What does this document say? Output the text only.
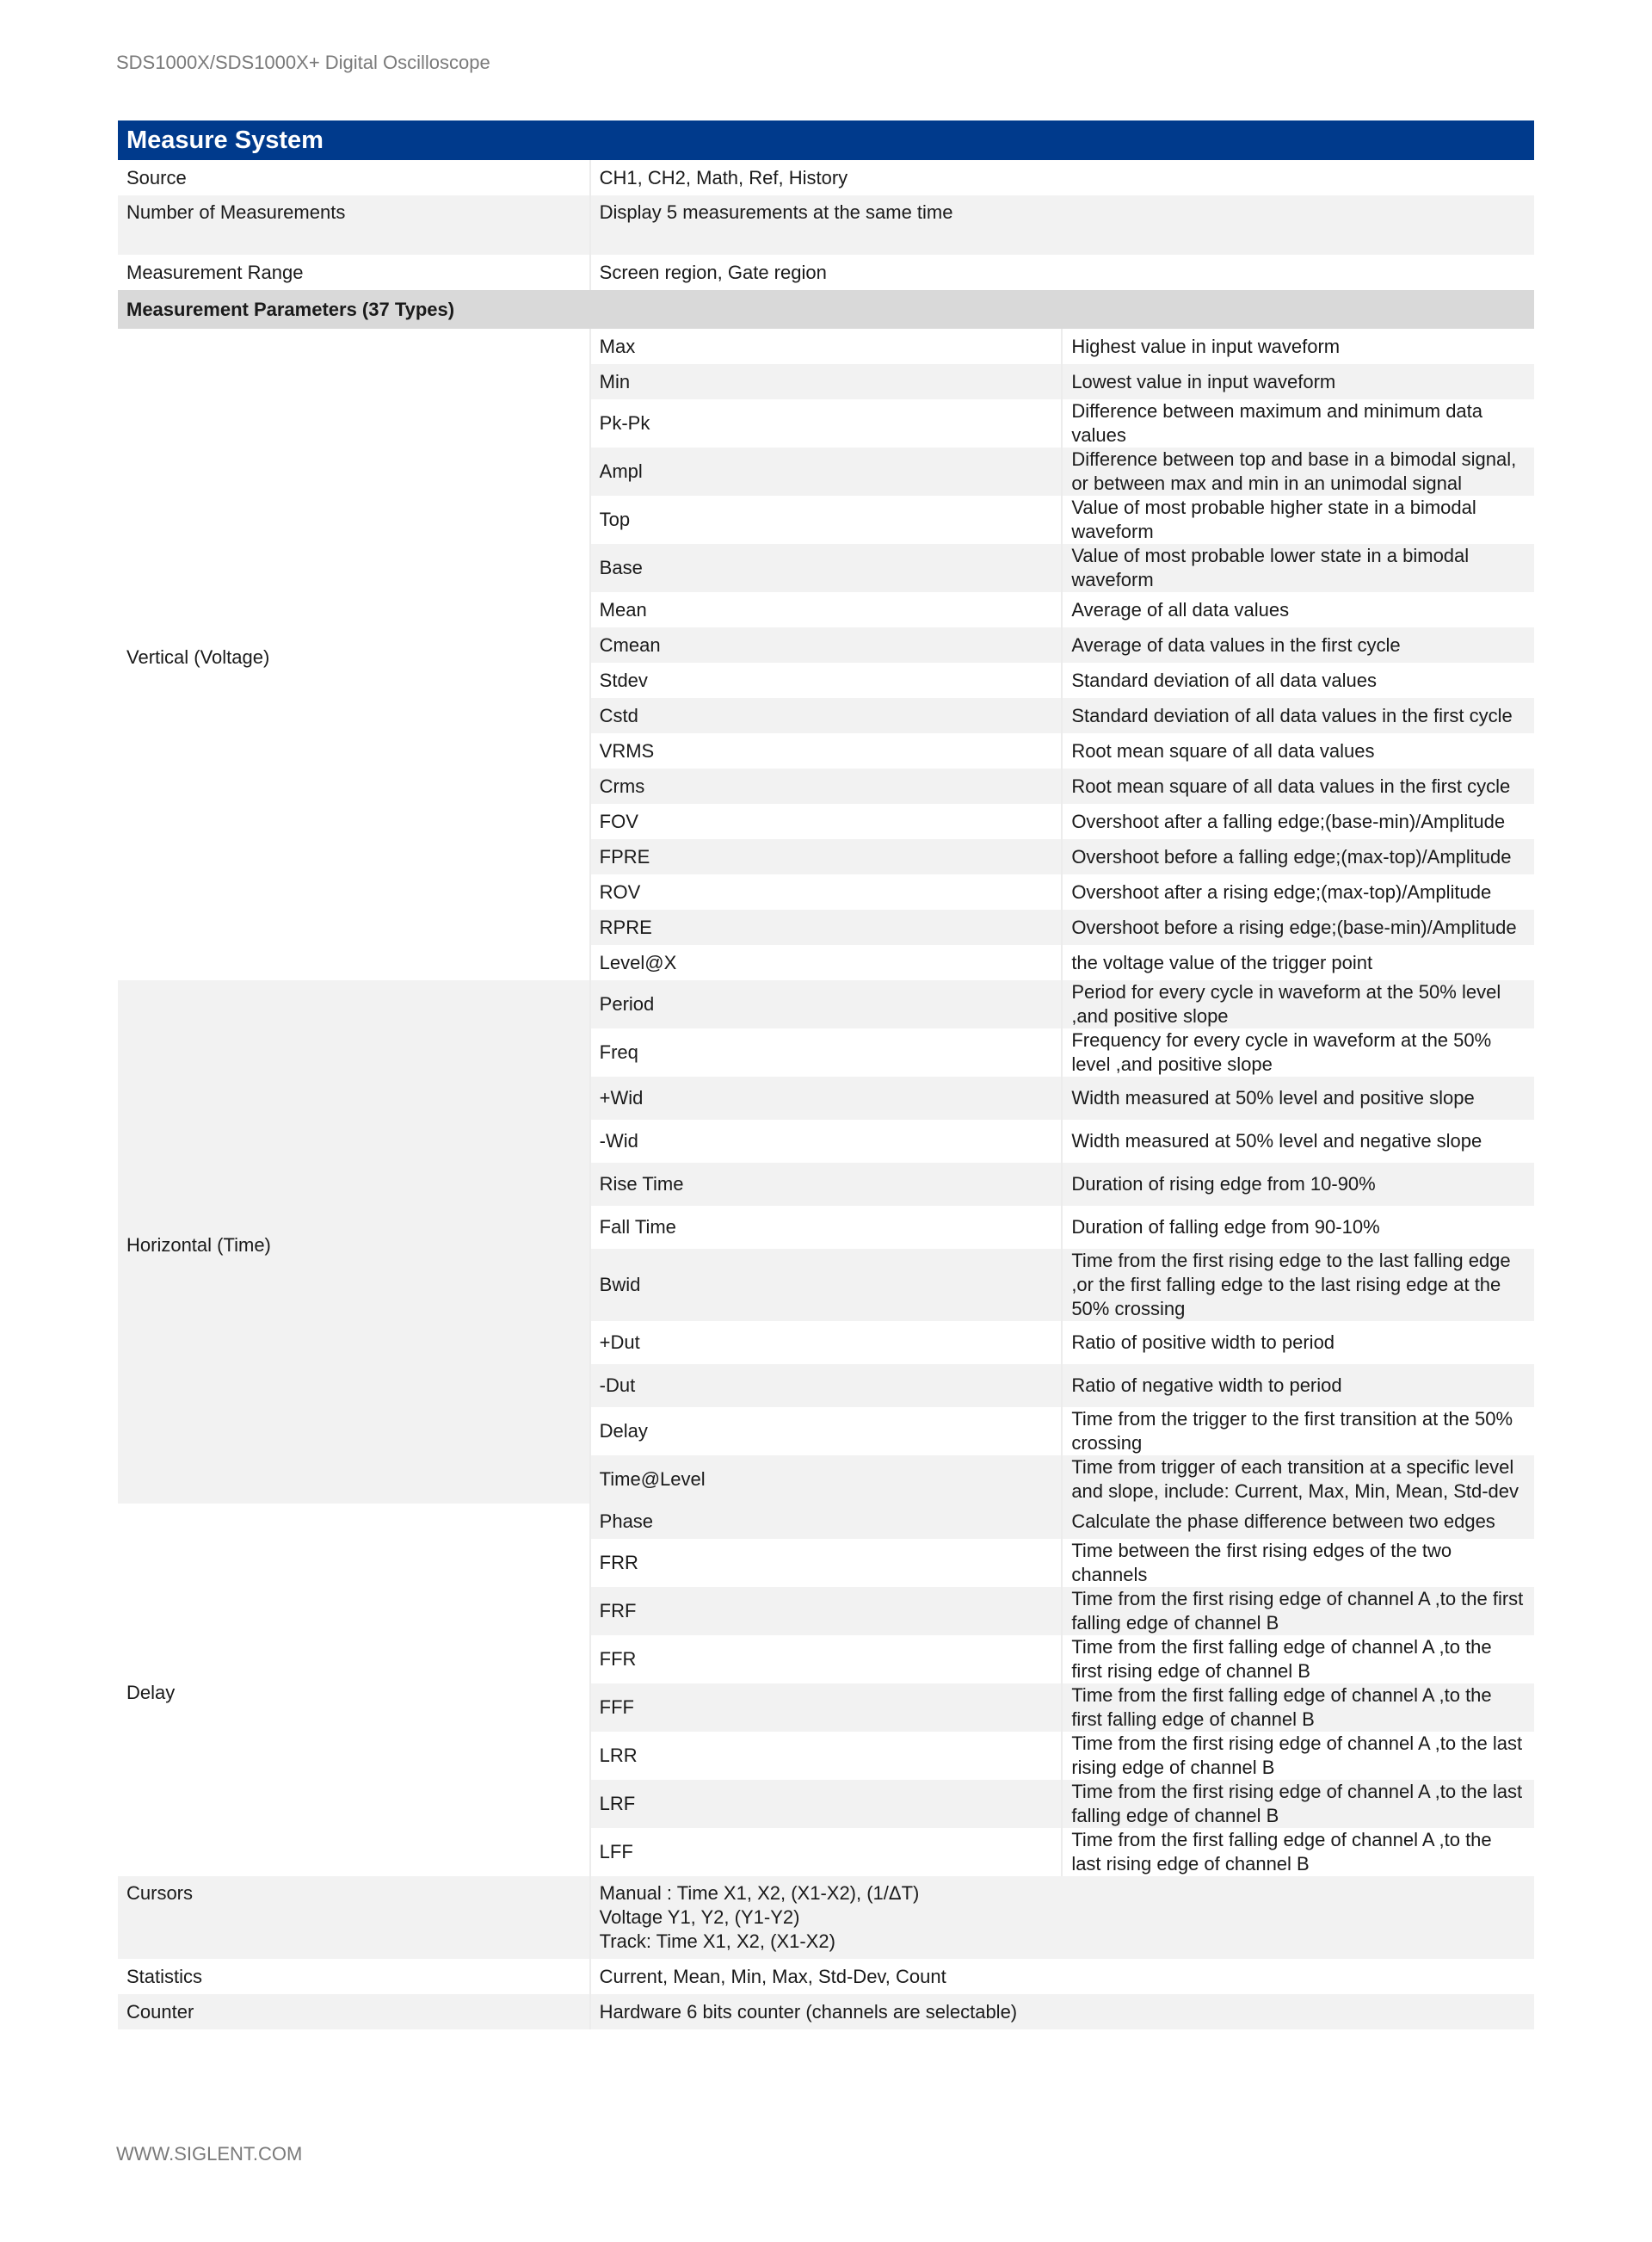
SDS1000X/SDS1000X+ Digital Oscilloscope
Measure System		
Source	CH1, CH2, Math, Ref, History	
Number of Measurements	Display 5 measurements at the same time	
Measurement Range	Screen region, Gate region	
Measurement Parameters (37 Types)		
Vertical (Voltage)	Max	Highest value in input waveform
	Min	Lowest value in input waveform
	Pk-Pk	Difference between maximum and minimum data values
	Ampl	Difference between top and base in a bimodal signal, or between max and min in an unimodal signal
	Top	Value of most probable higher state in a bimodal waveform
	Base	Value of most probable lower state in a bimodal waveform
	Mean	Average of all data values
	Cmean	Average of data values in the first cycle
	Stdev	Standard deviation of all data values
	Cstd	Standard deviation of all data values in the first cycle
	VRMS	Root mean square of all data values
	Crms	Root mean square of all data values in the first cycle
	FOV	Overshoot after a falling edge;(base-min)/Amplitude
	FPRE	Overshoot before a falling edge;(max-top)/Amplitude
	ROV	Overshoot after a rising edge;(max-top)/Amplitude
	RPRE	Overshoot before a rising edge;(base-min)/Amplitude
	Level@X	the voltage value of the trigger point
Horizontal (Time)	Period	Period for every cycle in waveform at the 50% level ,and positive slope
	Freq	Frequency for every cycle in waveform at the 50% level ,and positive slope
	+Wid	Width measured at 50% level and positive slope
	-Wid	Width measured at 50% level and negative slope
	Rise Time	Duration of rising edge from 10-90%
	Fall Time	Duration of falling edge from 90-10%
	Bwid	Time from the first rising edge to the last falling edge ,or the first falling edge to the last rising edge at the 50% crossing
	+Dut	Ratio of positive width to period
	-Dut	Ratio of negative width to period
	Delay	Time from the trigger to the first transition at the 50% crossing
	Time@Level	Time from trigger of each transition at a specific level and slope, include: Current, Max, Min, Mean, Std-dev
Delay	Phase	Calculate the phase difference between two edges
	FRR	Time between the first rising edges of the two channels
	FRF	Time from the first rising edge of channel A ,to the first falling edge of channel B
	FFR	Time from the first falling edge of channel A ,to the first rising edge of channel B
	FFF	Time from the first falling edge of channel A ,to the first falling edge of channel B
	LRR	Time from the first rising edge of channel A ,to the last rising edge of channel B
	LRF	Time from the first rising edge of channel A ,to the last falling edge of channel B
	LFF	Time from the first falling edge of channel A ,to the last rising edge of channel B
Cursors	Manual : Time X1, X2, (X1-X2), (1/ΔT)
Voltage Y1, Y2, (Y1-Y2)
Track: Time X1, X2, (X1-X2)	

Statistics	Current, Mean, Min, Max, Std-Dev, Count	
Counter	Hardware 6 bits counter (channels are selectable)	
WWW.SIGLENT.COM
